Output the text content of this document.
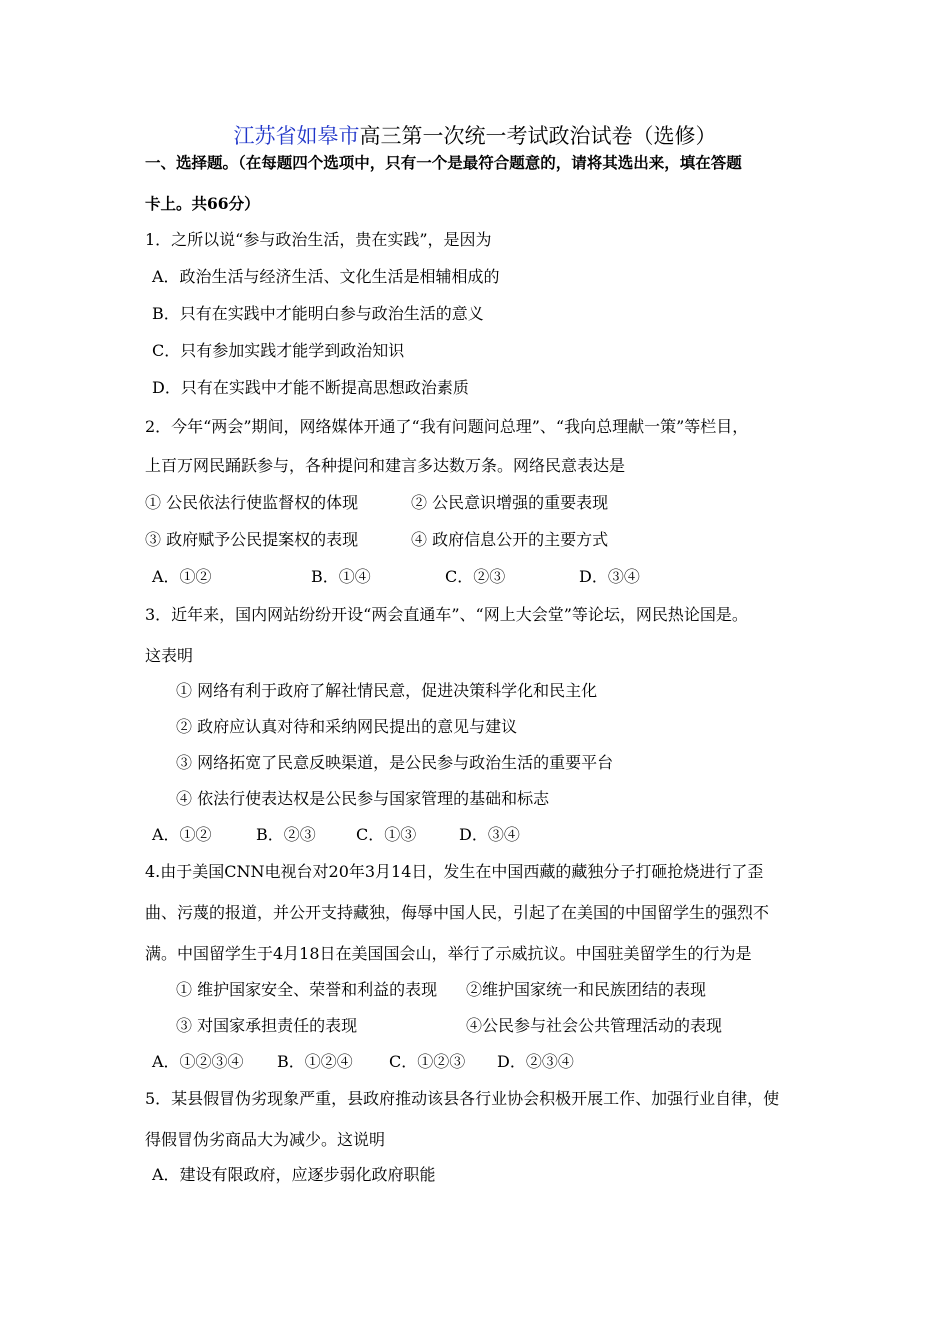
江苏省如皋市高三第一次统一考试政治试卷（选修）
一、选择题。（在每题四个选项中，只有一个是最符合题意的，请将其选出来，填在答题
卡上。共66分）
1．之所以说“参与政治生活，贵在实践”，是因为
A．政治生活与经济生活、文化生活是相辅相成的
B．只有在实践中才能明白参与政治生活的意义
C．只有参加实践才能学到政治知识
D．只有在实践中才能不断提高思想政治素质
2．今年“两会”期间，网络媒体开通了“我有问题问总理”、“我向总理献一策”等栏目，
上百万网民踊跃参与，各种提问和建言多达数万条。网络民意表达是
① 公民依法行使监督权的体现	② 公民意识增强的重要表现
③ 政府赋予公民提案权的表现	④ 政府信息公开的主要方式
A．①②	B．①④	C．②③	D．③④
3．近年来，国内网站纷纷开设“两会直通车”、“网上大会堂”等论坛，网民热论国是。
这表明
① 网络有利于政府了解社情民意，促进决策科学化和民主化
② 政府应认真对待和采纳网民提出的意见与建议
③ 网络拓宽了民意反映渠道，是公民参与政治生活的重要平台
④ 依法行使表达权是公民参与国家管理的基础和标志
A．①②	B．②③	C．①③	D．③④
4.由于美国CNN电视台对20年3月14日，发生在中国西藏的藏独分子打砸抢烧进行了歪
曲、污蔑的报道，并公开支持藏独，侮辱中国人民，引起了在美国的中国留学生的强烈不
满。中国留学生于4月18日在美国国会山，举行了示威抗议。中国驻美留学生的行为是
① 维护国家安全、荣誉和利益的表现 ②维护国家统一和民族团结的表现
③ 对国家承担责任的表现	④公民参与社会公共管理活动的表现
A．①②③④ B．①②④ C．①②③ D．②③④
5．某县假冒伪劣现象严重，县政府推动该县各行业协会积极开展工作、加强行业自律，使
得假冒伪劣商品大为减少。这说明
A．建设有限政府，应逐步弱化政府职能
